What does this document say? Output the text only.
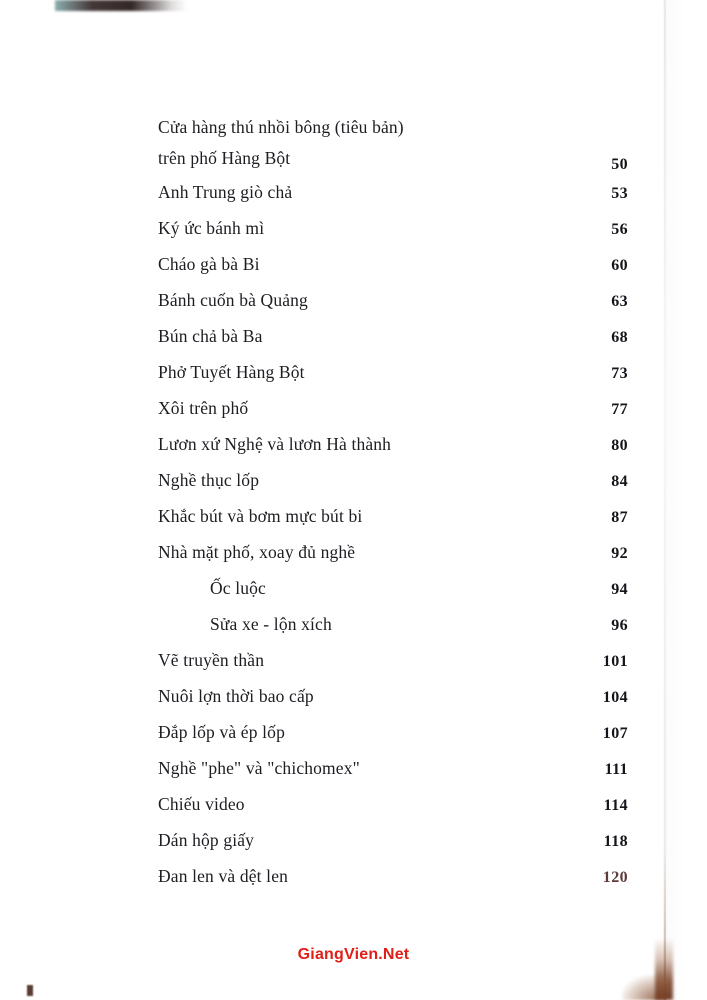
Cửa hàng thú nhồi bông (tiêu bản)
trên phố Hàng Bột	50
Anh Trung giò chả	53
Ký ức bánh mì	56
Cháo gà bà Bi	60
Bánh cuốn bà Quảng	63
Bún chả bà Ba	68
Phở Tuyết Hàng Bột	73
Xôi trên phố	77
Lươn xứ Nghệ và lươn Hà thành	80
Nghề thục lốp	84
Khắc bút và bơm mực bút bi	87
Nhà mặt phố, xoay đủ nghề	92
Ốc luộc	94
Sửa xe - lộn xích	96
Vẽ truyền thần	101
Nuôi lợn thời bao cấp	104
Đắp lốp và ép lốp	107
Nghề "phe" và "chichomex"	111
Chiếu video	114
Dán hộp giấy	118
Đan len và dệt len	120
GiangVien.Net
